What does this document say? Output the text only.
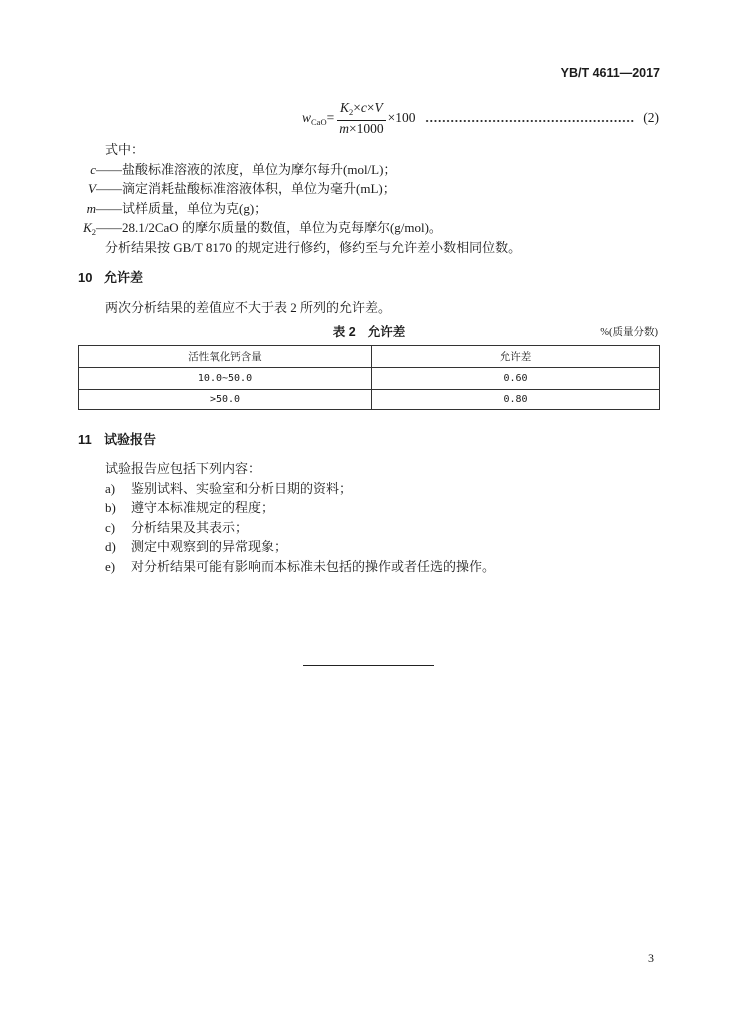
YB/T 4611—2017
$w_{CaO} = \frac{K_2\times c\times V}{m\times 1000} \times 100$	(2)
式中：
c——盐酸标准溶液的浓度，单位为摩尔每升(mol/L)；
V——滴定消耗盐酸标准溶液体积，单位为毫升(mL)；
m——试样质量，单位为克(g)；
$K_2——28.1/2CaO$ 的摩尔质量的数值，单位为克每摩尔(g/mol)。
分析结果按 GB/T 8170 的规定进行修约，修约至与允许差小数相同位数。
10 允许差
两次分析结果的差值应不大于表 2 所列的允许差。
表 2 允许差	%(质量分数)
活性氧化钙含量	允许差
10.0~50.0	0.60
>50.0	0.80
11 试验报告
试验报告应包括下列内容：
a) 鉴别试料、实验室和分析日期的资料；
b) 遵守本标准规定的程度；
c) 分析结果及其表示；
d) 测定中观察到的异常现象；
e) 对分析结果可能有影响而本标准未包括的操作或者任选的操作。
3
